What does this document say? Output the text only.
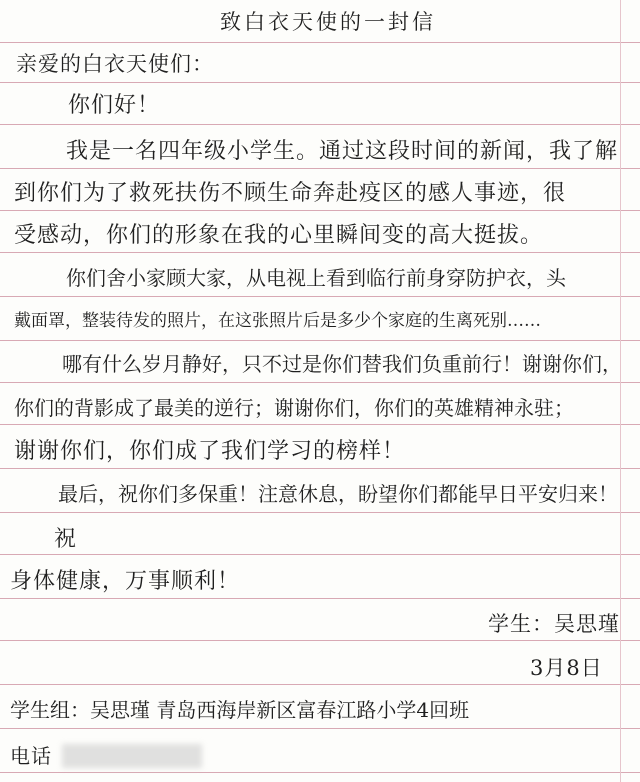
致白衣天使的一封信
亲爱的白衣天使们：
你们好！
我是一名四年级小学生。通过这段时间的新闻，我了解
到你们为了救死扶伤不顾生命奔赴疫区的感人事迹，很
受感动，你们的形象在我的心里瞬间变的高大挺拔。
你们舍小家顾大家，从电视上看到临行前身穿防护衣，头
戴面罩，整装待发的照片，在这张照片后是多少个家庭的生离死别……
哪有什么岁月静好，只不过是你们替我们负重前行！谢谢你们，
你们的背影成了最美的逆行；谢谢你们，你们的英雄精神永驻；
谢谢你们，你们成了我们学习的榜样！
最后，祝你们多保重！注意休息，盼望你们都能早日平安归来！
祝
身体健康，万事顺利！
学生：吴思瑾
3月8日
学生组：吴思瑾 青岛西海岸新区富春江路小学4回班
电话
